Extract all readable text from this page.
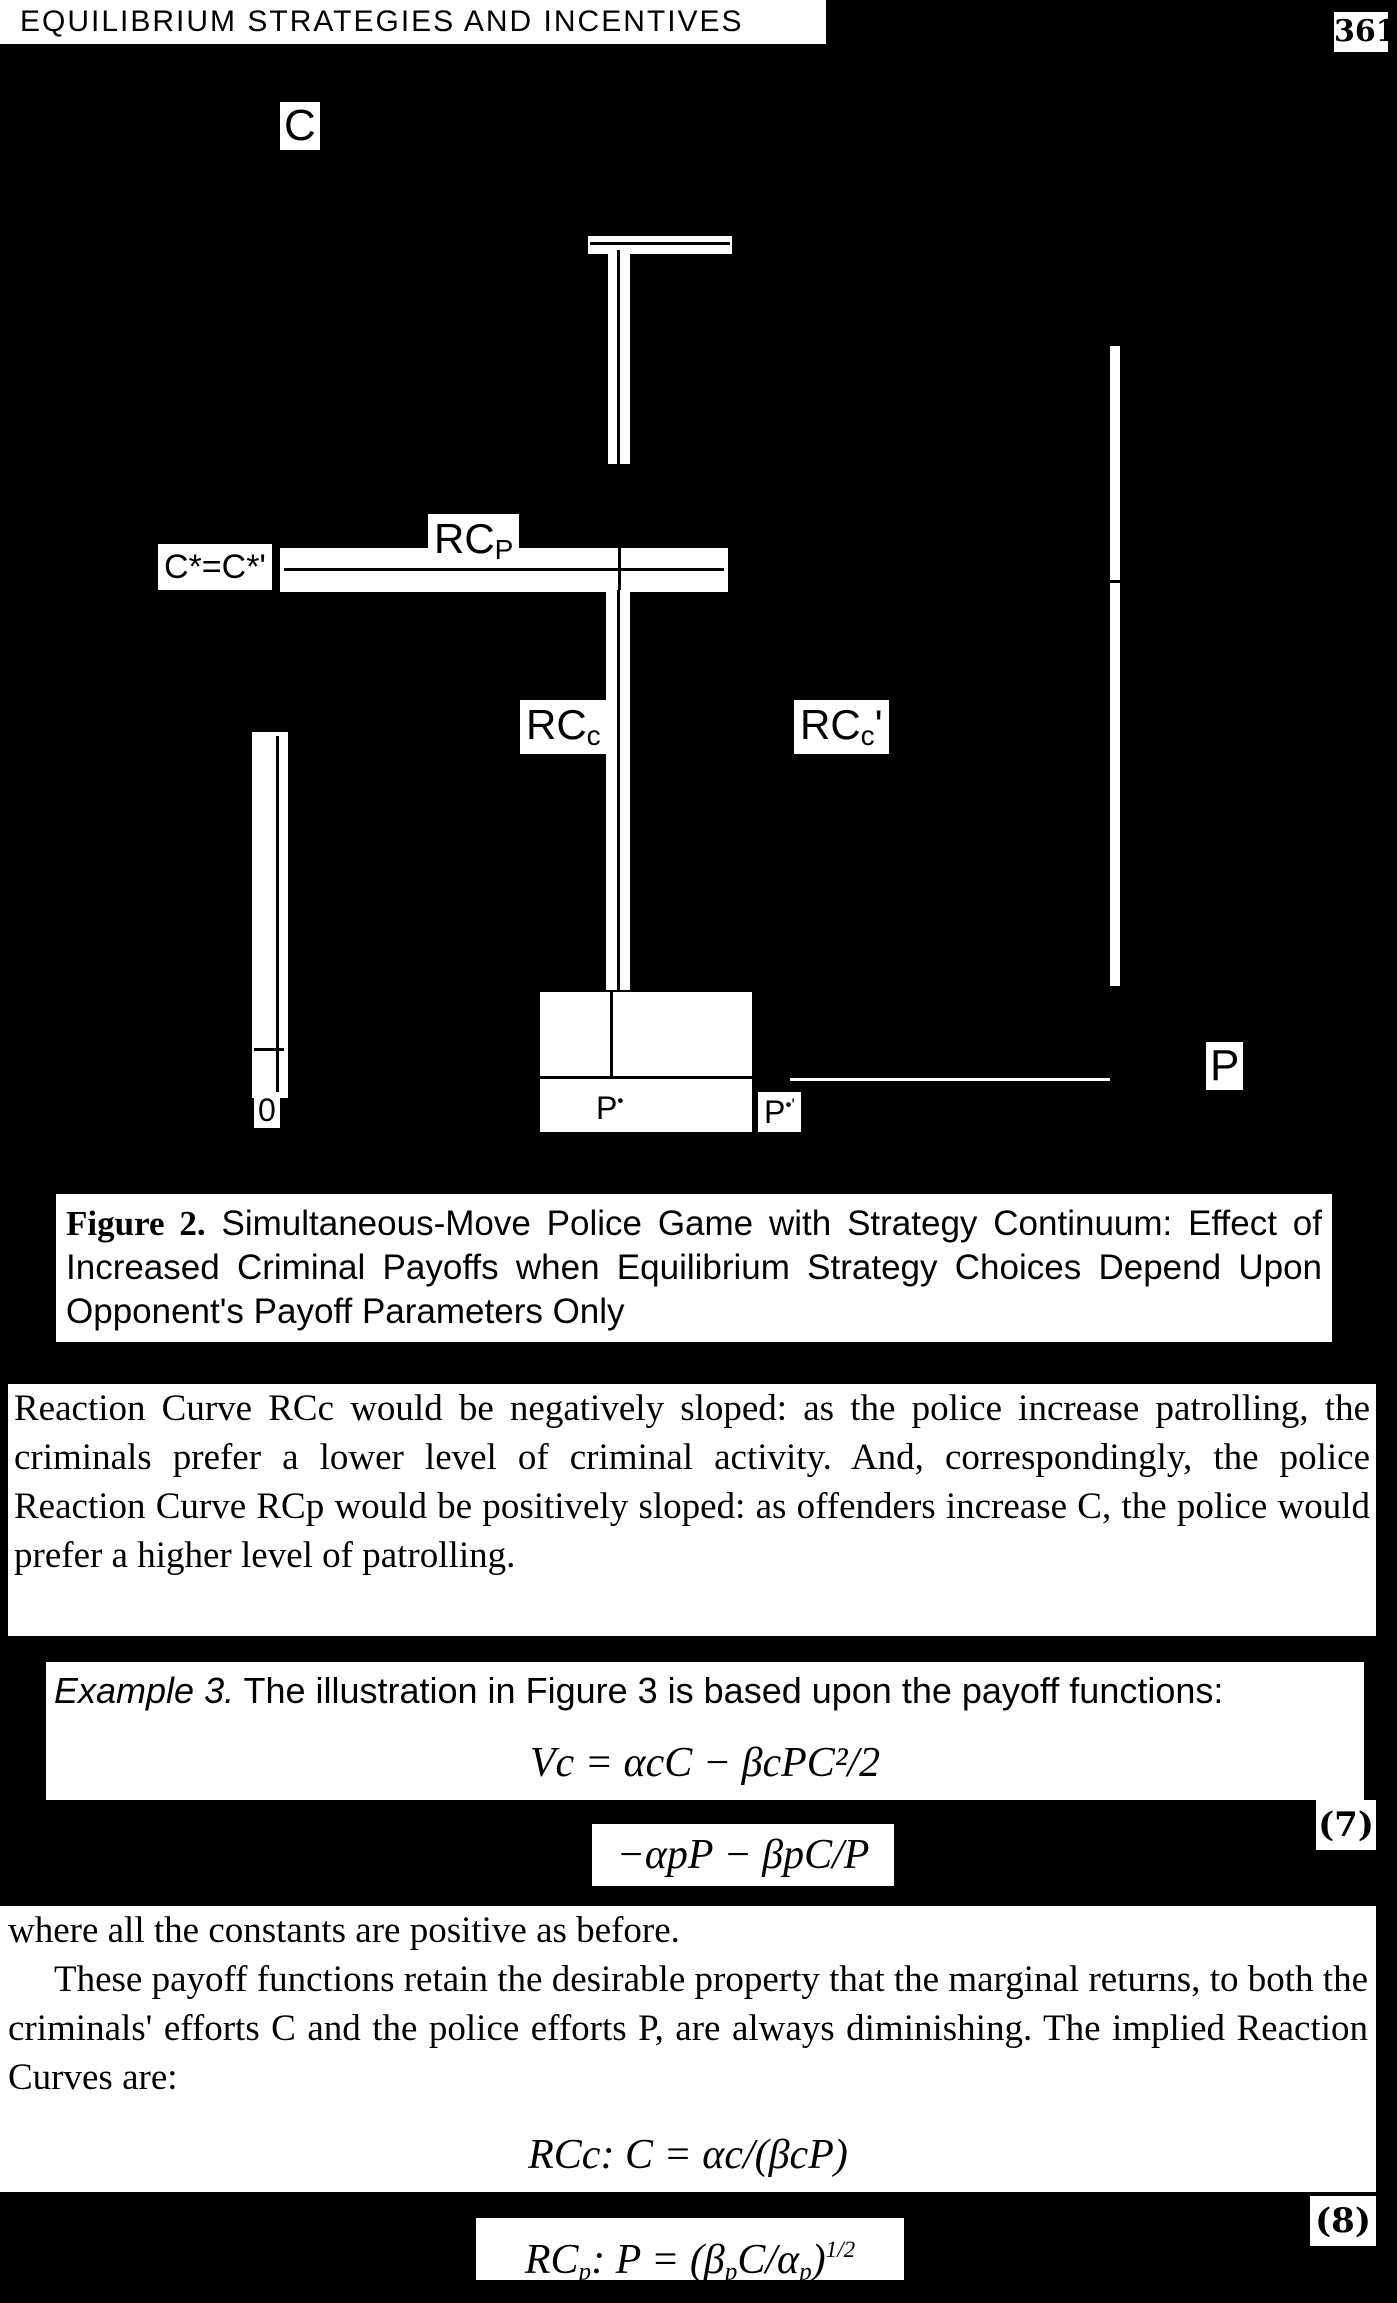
EQUILIBRIUM STRATEGIES AND INCENTIVES	361
C
C*=C*'
RCP
RCc	RCc'
0	P•	P•'
P
Figure 2. Simultaneous-Move Police Game with Strategy Continuum: Effect of Increased Criminal Payoffs when Equilibrium Strategy Choices Depend Upon Opponent's Payoff Parameters Only
Reaction Curve RCc would be negatively sloped: as the police increase patrolling, the criminals prefer a lower level of criminal activity. And, correspondingly, the police Reaction Curve RCp would be positively sloped: as offenders increase C, the police would prefer a higher level of patrolling.
Example 3. The illustration in Figure 3 is based upon the payoff functions:
Vc = αcC − βcPC²/2
−αpP − βpC/P
(7)
where all the constants are positive as before.
These payoff functions retain the desirable property that the marginal returns, to both the criminals' efforts C and the police efforts P, are always diminishing. The implied Reaction Curves are:
RCc: C = αc/(βcP)
$RC_p$: $P = (\beta_pC/\alpha_p)^{1/2}$
(8)
